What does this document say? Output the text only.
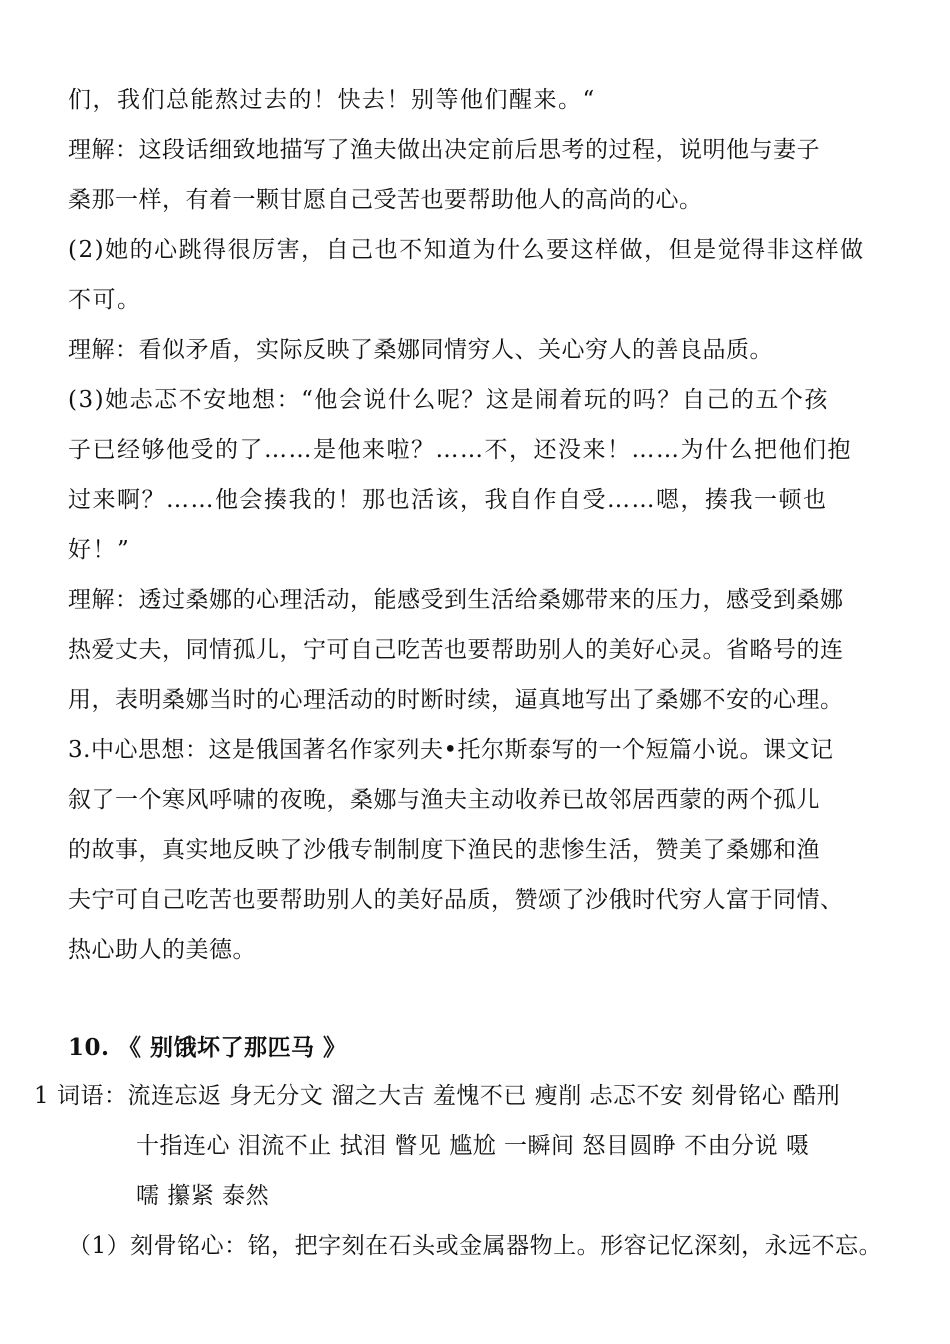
们，我们总能熬过去的！快去！别等他们醒来。“
理解：这段话细致地描写了渔夫做出决定前后思考的过程，说明他与妻子
桑那一样，有着一颗甘愿自己受苦也要帮助他人的高尚的心。
(2)她的心跳得很厉害，自己也不知道为什么要这样做，但是觉得非这样做
不可。
理解：看似矛盾，实际反映了桑娜同情穷人、关心穷人的善良品质。
(3)她忐忑不安地想：“他会说什么呢？这是闹着玩的吗？自己的五个孩
子已经够他受的了……是他来啦？……不，还没来！……为什么把他们抱
过来啊？……他会揍我的！那也活该，我自作自受……嗯，揍我一顿也
好！”
理解：透过桑娜的心理活动，能感受到生活给桑娜带来的压力，感受到桑娜
热爱丈夫，同情孤儿，宁可自己吃苦也要帮助别人的美好心灵。省略号的连
用，表明桑娜当时的心理活动的时断时续，逼真地写出了桑娜不安的心理。
3.中心思想：这是俄国著名作家列夫•托尔斯泰写的一个短篇小说。课文记
叙了一个寒风呼啸的夜晚，桑娜与渔夫主动收养已故邻居西蒙的两个孤儿
的故事，真实地反映了沙俄专制制度下渔民的悲惨生活，赞美了桑娜和渔
夫宁可自己吃苦也要帮助别人的美好品质，赞颂了沙俄时代穷人富于同情、
热心助人的美德。
10. 《 别饿坏了那匹马 》
1 词语：流连忘返 身无分文 溜之大吉 羞愧不已 瘦削 忐忑不安 刻骨铭心 酷刑
十指连心 泪流不止 拭泪 瞥见 尴尬 一瞬间 怒目圆睁 不由分说 嗫
嚅 攥紧 泰然
（1）刻骨铭心：铭，把字刻在石头或金属器物上。形容记忆深刻，永远不忘。
